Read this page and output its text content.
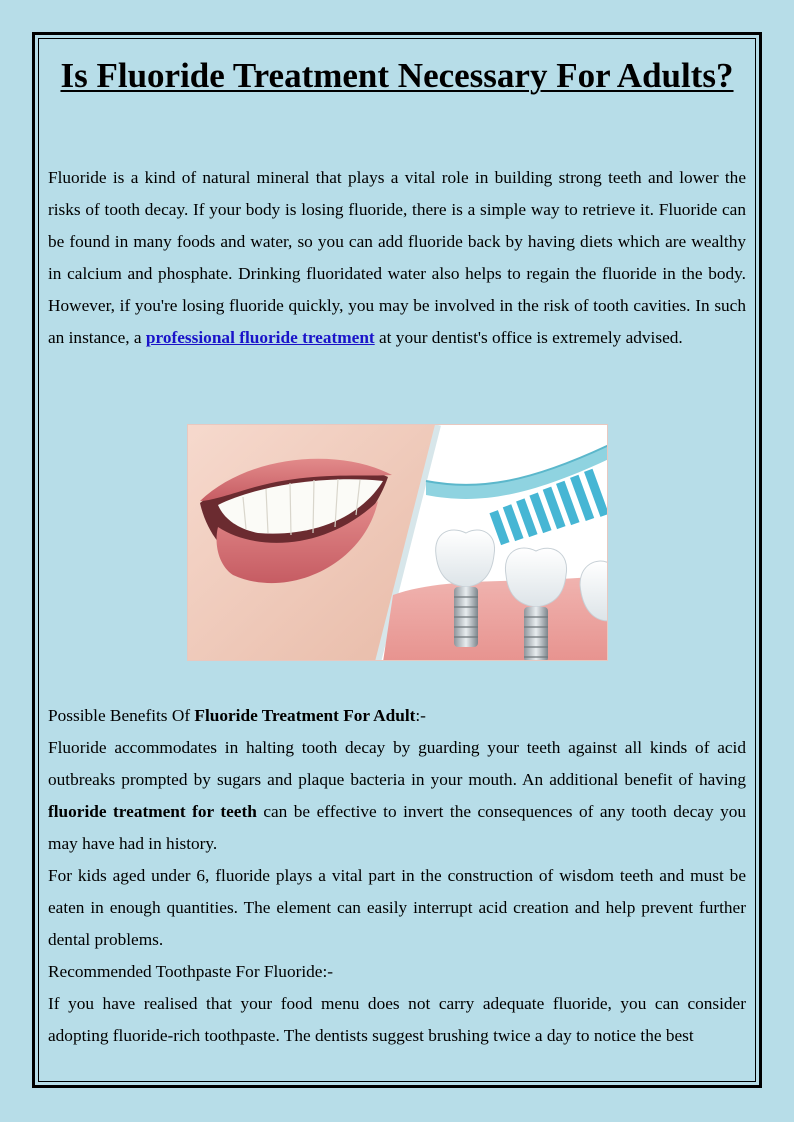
Is Fluoride Treatment Necessary For Adults?
Fluoride is a kind of natural mineral that plays a vital role in building strong teeth and lower the risks of tooth decay. If your body is losing fluoride, there is a simple way to retrieve it. Fluoride can be found in many foods and water, so you can add fluoride back by having diets which are wealthy in calcium and phosphate. Drinking fluoridated water also helps to regain the fluoride in the body. However, if you're losing fluoride quickly, you may be involved in the risk of tooth cavities. In such an instance, a professional fluoride treatment at your dentist's office is extremely advised.

Possible Benefits Of Fluoride Treatment For Adult:-

Fluoride accommodates in halting tooth decay by guarding your teeth against all kinds of acid outbreaks prompted by sugars and plaque bacteria in your mouth. An additional benefit of having fluoride treatment for teeth can be effective to invert the consequences of any tooth decay you may have had in history.

For kids aged under 6, fluoride plays a vital part in the construction of wisdom teeth and must be eaten in enough quantities. The element can easily interrupt acid creation and help prevent further dental problems.

Recommended Toothpaste For Fluoride:-

If you have realised that your food menu does not carry adequate fluoride, you can consider adopting fluoride-rich toothpaste. The dentists suggest brushing twice a day to notice the best
